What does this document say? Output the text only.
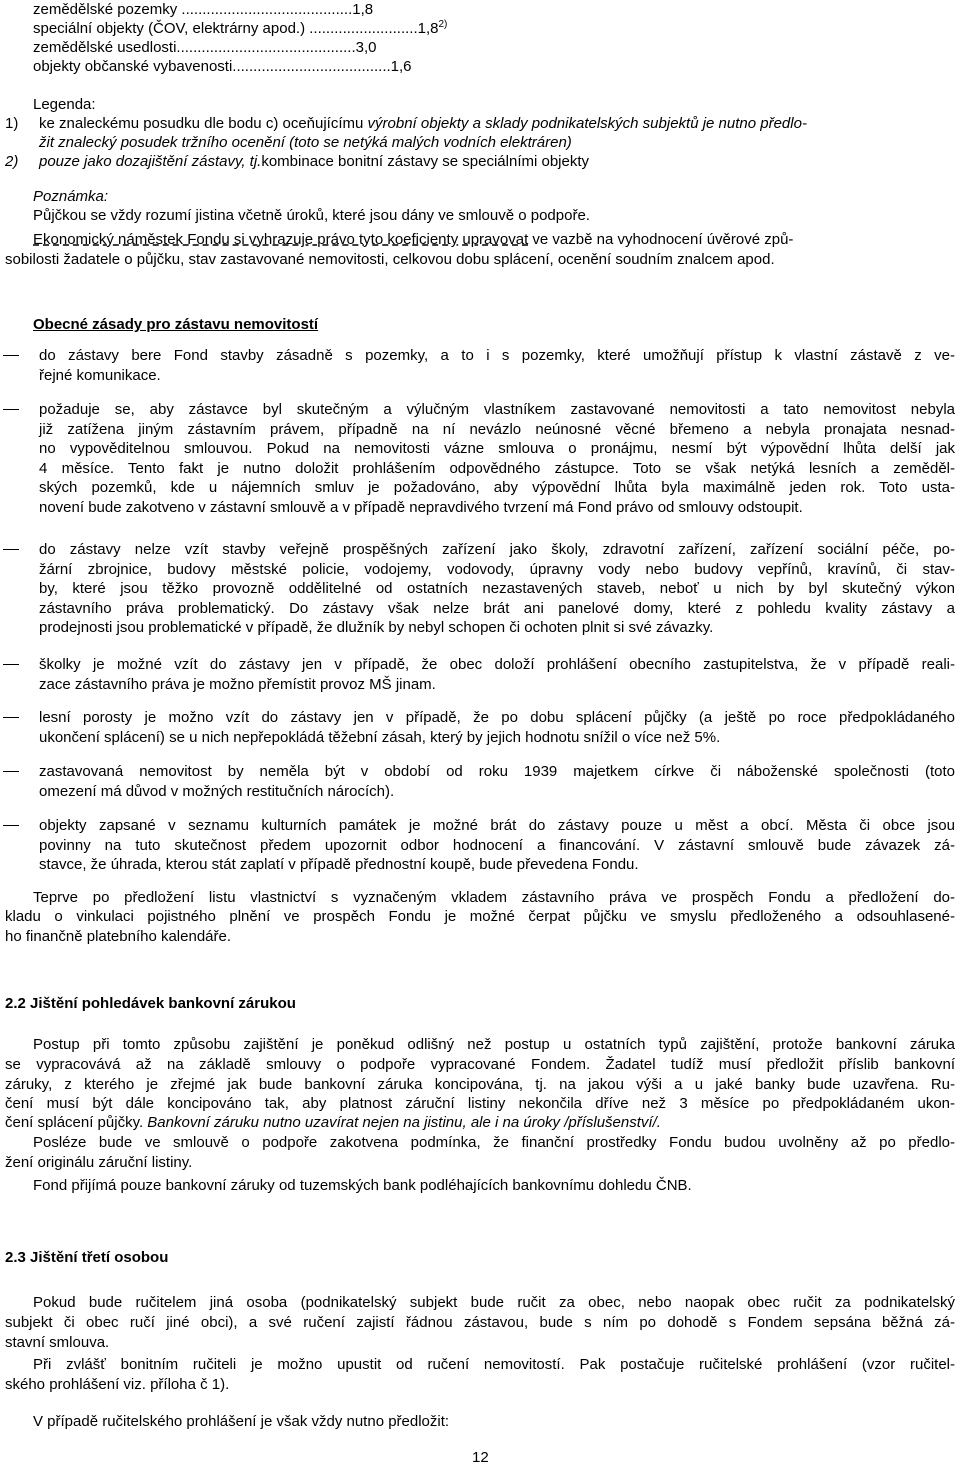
zemědělské pozemky .........................................1,8
speciální objekty (ČOV, elektrárny apod.) ..........................1,8$^{2)}$
zemědělské usedlosti...........................................3,0
objekty občanské vybavenosti......................................1,6
Legenda:
1) ke znaleckému posudku dle bodu c) oceňujícímu výrobní objekty a sklady podnikatelských subjektů je nutno předlo-
žit znalecký posudek tržního ocenění (toto se netýká malých vodních elektráren)
2) pouze jako dozajištění zástavy, tj.kombinace bonitní zástavy se speciálními objekty
Poznámka:
Půjčkou se vždy rozumí jistina včetně úroků, které jsou dány ve smlouvě o podpoře.
Ekonomický náměstek Fondu si vyhrazuje právo tyto koeficienty upravovat ve vazbě na vyhodnocení úvěrové způ-
sobilosti žadatele o půjčku, stav zastavované nemovitosti, celkovou dobu splácení, ocenění soudním znalcem apod.
Obecné zásady pro zástavu nemovitostí
do zástavy bere Fond stavby zásadně s pozemky, a to i s pozemky, které umožňují přístup k vlastní zástavě z ve-
řejné komunikace.
požaduje se, aby zástavce byl skutečným a výlučným vlastníkem zastavované nemovitosti a tato nemovitost nebyla
již zatížena jiným zástavním právem, případně na ní nevázlo neúnosné věcné břemeno a nebyla pronajata nesnad-
no vypověditelnou smlouvou. Pokud na nemovitosti vázne smlouva o pronájmu, nesmí být výpovědní lhůta delší jak
4 měsíce. Tento fakt je nutno doložit prohlášením odpovědného zástupce. Toto se však netýká lesních a zeměděl-
ských pozemků, kde u nájemních smluv je požadováno, aby výpovědní lhůta byla maximálně jeden rok. Toto usta-
novení bude zakotveno v zástavní smlouvě a v případě nepravdivého tvrzení má Fond právo od smlouvy odstoupit.
do zástavy nelze vzít stavby veřejně prospěšných zařízení jako školy, zdravotní zařízení, zařízení sociální péče, po-
žární zbrojnice, budovy městské policie, vodojemy, vodovody, úpravny vody nebo budovy vepřínů, kravínů, či stav-
by, které jsou těžko provozně oddělitelné od ostatních nezastavených staveb, neboť u nich by byl skutečný výkon
zástavního práva problematický. Do zástavy však nelze brát ani panelové domy, které z pohledu kvality zástavy a
prodejnosti jsou problematické v případě, že dlužník by nebyl schopen či ochoten plnit si své závazky.
školky je možné vzít do zástavy jen v případě, že obec doloží prohlášení obecního zastupitelstva, že v případě reali-
zace zástavního práva je možno přemístit provoz MŠ jinam.
lesní porosty je možno vzít do zástavy jen v případě, že po dobu splácení půjčky (a ještě po roce předpokládaného
ukončení splácení) se u nich nepřepokládá těžební zásah, který by jejich hodnotu snížil o více než 5%.
zastavovaná nemovitost by neměla být v období od roku 1939 majetkem církve či náboženské společnosti (toto
omezení má důvod v možných restitučních nárocích).
objekty zapsané v seznamu kulturních památek je možné brát do zástavy pouze u měst a obcí. Města či obce jsou
povinny na tuto skutečnost předem upozornit odbor hodnocení a financování. V zástavní smlouvě bude závazek zá-
stavce, že úhrada, kterou stát zaplatí v případě přednostní koupě, bude převedena Fondu.
Teprve po předložení listu vlastnictví s vyznačeným vkladem zástavního práva ve prospěch Fondu a předložení do-
kladu o vinkulaci pojistného plnění ve prospěch Fondu je možné čerpat půjčku ve smyslu předloženého a odsouhlasené-
ho finančně platebního kalendáře.
2.2 Jištění pohledávek bankovní zárukou
Postup při tomto způsobu zajištění je poněkud odlišný než postup u ostatních typů zajištění, protože bankovní záruka
se vypracovává až na základě smlouvy o podpoře vypracované Fondem. Žadatel tudíž musí předložit příslib bankovní
záruky, z kterého je zřejmé jak bude bankovní záruka koncipována, tj. na jakou výši a u jaké banky bude uzavřena. Ru-
čení musí být dále koncipováno tak, aby platnost záruční listiny nekončila dříve než 3 měsíce po předpokládaném ukon-
čení splácení půjčky. Bankovní záruku nutno uzavírat nejen na jistinu, ale i na úroky /příslušenství/.
Posléze bude ve smlouvě o podpoře zakotvena podmínka, že finanční prostředky Fondu budou uvolněny až po předlo-
žení originálu záruční listiny.
Fond přijímá pouze bankovní záruky od tuzemských bank podléhajících bankovnímu dohledu ČNB.
2.3 Jištění třetí osobou
Pokud bude ručitelem jiná osoba (podnikatelský subjekt bude ručit za obec, nebo naopak obec ručit za podnikatelský
subjekt či obec ručí jiné obci), a své ručení zajistí řádnou zástavou, bude s ním po dohodě s Fondem sepsána běžná zá-
stavní smlouva.
Při zvlášť bonitním ručiteli je možno upustit od ručení nemovitostí. Pak postačuje ručitelské prohlášení (vzor ručitel-
ského prohlášení viz. příloha č 1).
V případě ručitelského prohlášení je však vždy nutno předložit:
12
